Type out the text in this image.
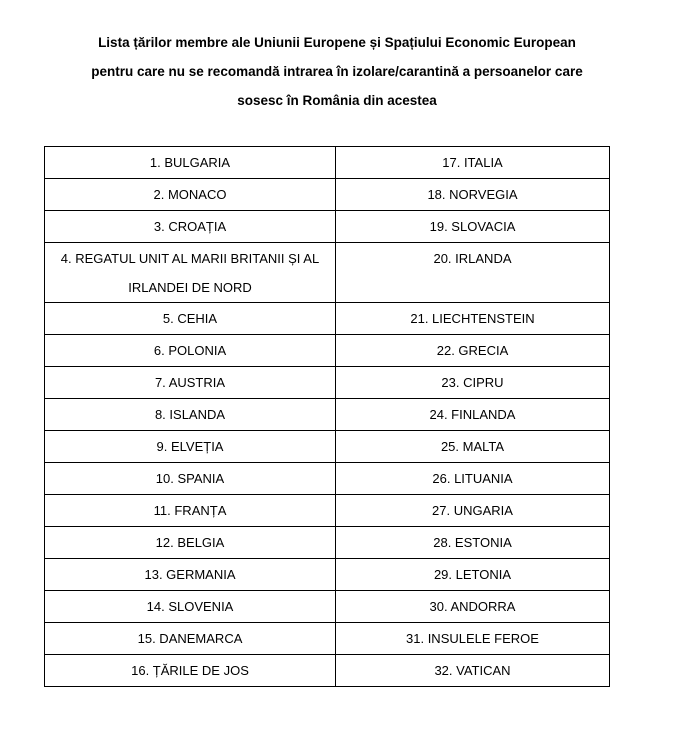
Lista țărilor membre ale Uniunii Europene și Spațiului Economic European
pentru care nu se recomandă intrarea în izolare/carantină a persoanelor care
sosesc în România din acestea
1. BULGARIA	17. ITALIA
2. MONACO	18. NORVEGIA
3. CROAȚIA	19. SLOVACIA
4. REGATUL UNIT AL MARII BRITANII ȘI AL IRLANDEI DE NORD	20. IRLANDA
5. CEHIA	21. LIECHTENSTEIN
6. POLONIA	22. GRECIA
7. AUSTRIA	23. CIPRU
8. ISLANDA	24. FINLANDA
9. ELVEȚIA	25. MALTA
10. SPANIA	26. LITUANIA
11. FRANȚA	27. UNGARIA
12. BELGIA	28. ESTONIA
13. GERMANIA	29. LETONIA
14. SLOVENIA	30. ANDORRA
15. DANEMARCA	31. INSULELE FEROE
16. ȚĂRILE DE JOS	32. VATICAN
